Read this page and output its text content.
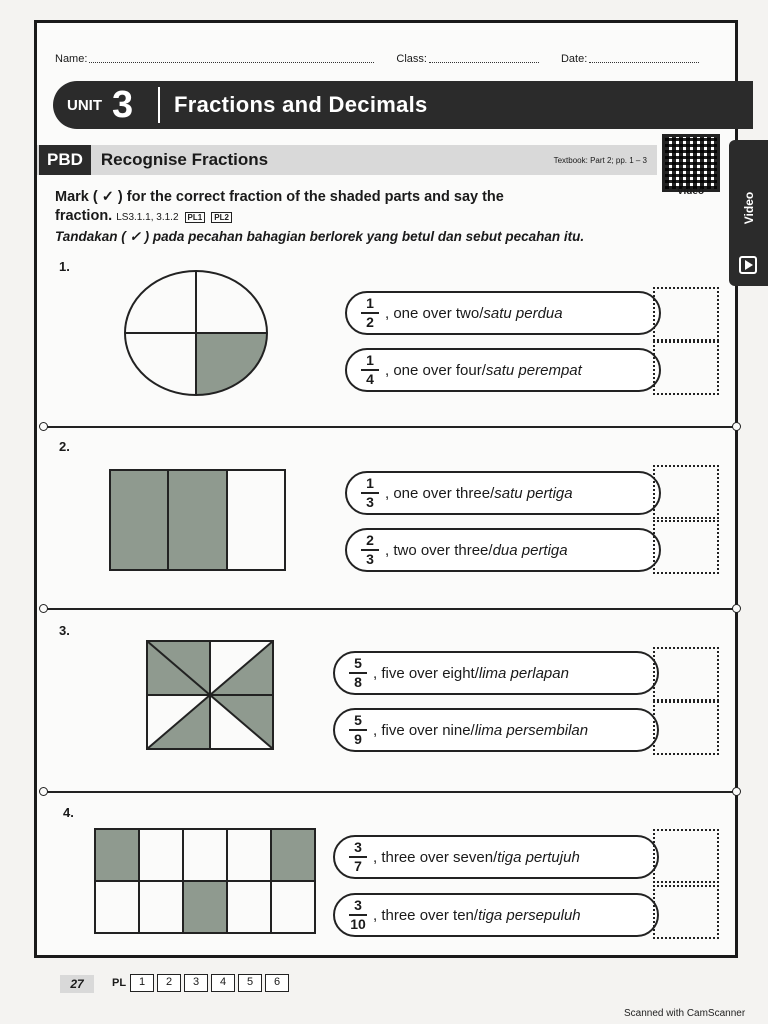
Name:	Class:	Date:
UNIT 3	Fractions and Decimals
PBD	Recognise Fractions	Textbook: Part 2; pp. 1 – 3
Video
Mark ( ✓ ) for the correct fraction of the shaded parts and say the
fraction. LS3.1.1, 3.1.2 PL1 PL2
Tandakan ( ✓ ) pada pecahan bahagian berlorek yang betul dan sebut pecahan itu.
1.
$\frac{1}{2}$ , one over two/satu perdua
$\frac{1}{4}$ , one over four/satu perempat
2.
$\frac{1}{3}$ , one over three/satu pertiga
$\frac{2}{3}$ , two over three/dua pertiga
3.
$\frac{5}{8}$ , five over eight/lima perlapan
$\frac{5}{9}$ , five over nine/lima persembilan
4.
$\frac{3}{7}$ , three over seven/tiga pertujuh
$\frac{3}{10}$ , three over ten/tiga persepuluh
Video
27	PL	1	2	3	4	5	6
Scanned with CamScanner
